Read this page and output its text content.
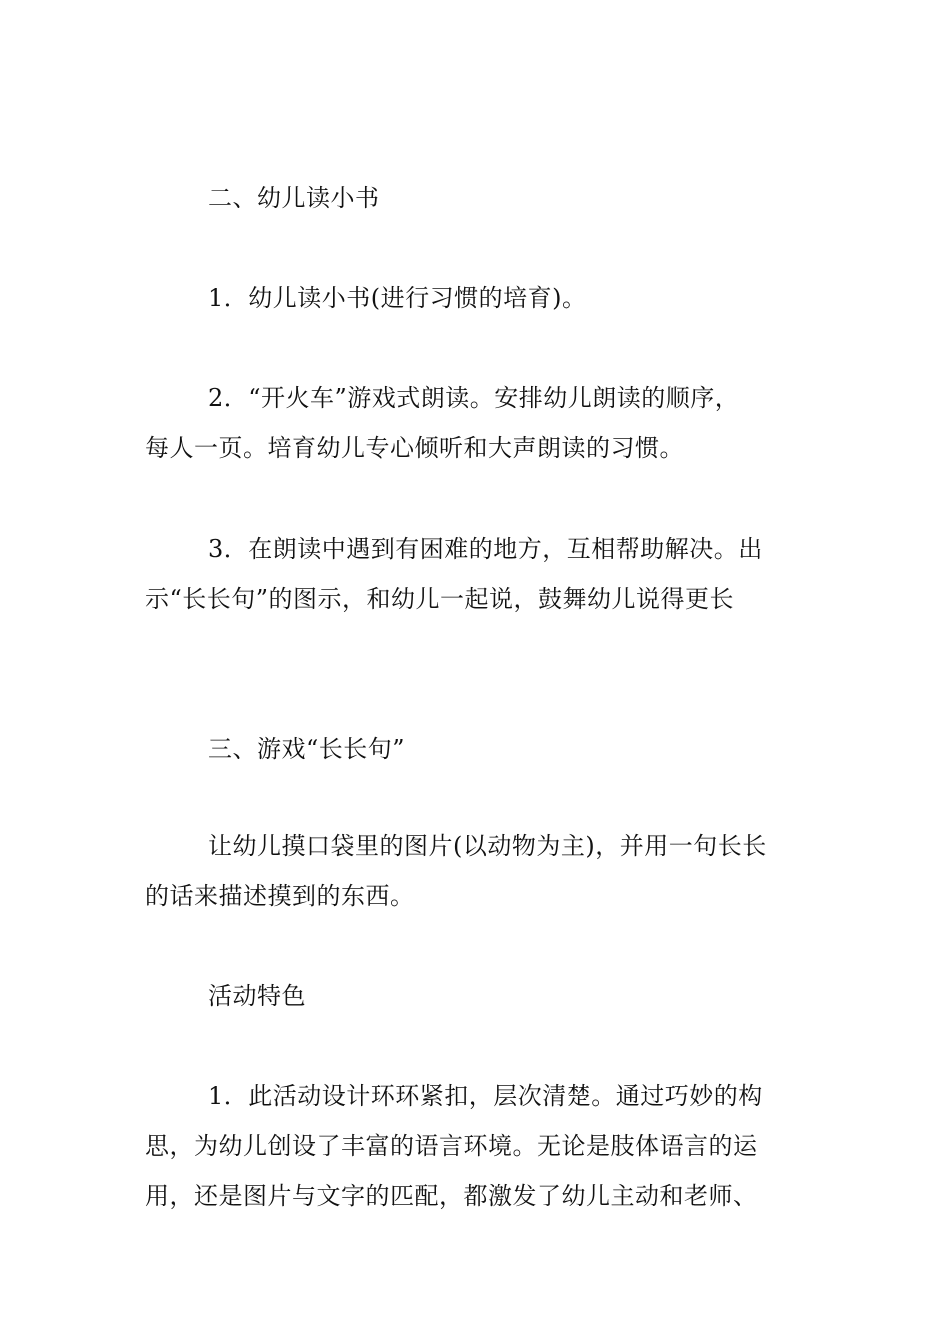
二、幼儿读小书
1．幼儿读小书(进行习惯的培育)。
2．“开火车”游戏式朗读。安排幼儿朗读的顺序，
每人一页。培育幼儿专心倾听和大声朗读的习惯。
3．在朗读中遇到有困难的地方，互相帮助解决。出
示“长长句”的图示，和幼儿一起说，鼓舞幼儿说得更长
三、游戏“长长句”
让幼儿摸口袋里的图片(以动物为主)，并用一句长长
的话来描述摸到的东西。
活动特色
1．此活动设计环环紧扣，层次清楚。通过巧妙的构
思，为幼儿创设了丰富的语言环境。无论是肢体语言的运
用，还是图片与文字的匹配，都激发了幼儿主动和老师、
